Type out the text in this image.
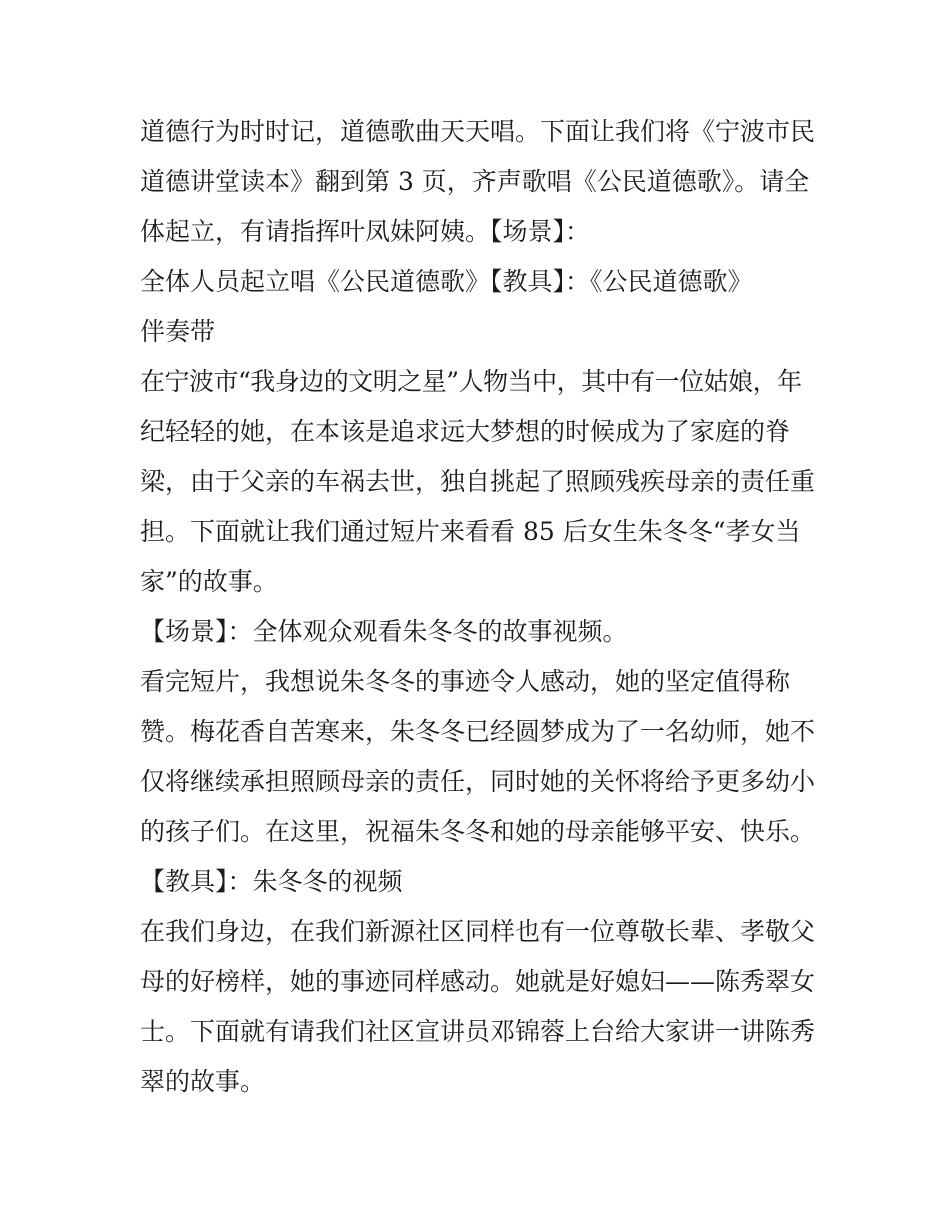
道德行为时时记，道德歌曲天天唱。下面让我们将《宁波市民
道德讲堂读本》翻到第 3 页，齐声歌唱《公民道德歌》。请全
体起立，有请指挥叶凤妹阿姨。【场景】：
全体人员起立唱《公民道德歌》【教具】：《公民道德歌》
伴奏带
在宁波市“我身边的文明之星”人物当中，其中有一位姑娘，年
纪轻轻的她，在本该是追求远大梦想的时候成为了家庭的脊
梁，由于父亲的车祸去世，独自挑起了照顾残疾母亲的责任重
担。下面就让我们通过短片来看看 85 后女生朱冬冬“孝女当
家”的故事。
【场景】：全体观众观看朱冬冬的故事视频。
看完短片，我想说朱冬冬的事迹令人感动，她的坚定值得称
赞。梅花香自苦寒来，朱冬冬已经圆梦成为了一名幼师，她不
仅将继续承担照顾母亲的责任，同时她的关怀将给予更多幼小
的孩子们。在这里，祝福朱冬冬和她的母亲能够平安、快乐。
【教具】：朱冬冬的视频
在我们身边，在我们新源社区同样也有一位尊敬长辈、孝敬父
母的好榜样，她的事迹同样感动。她就是好媳妇——陈秀翠女
士。下面就有请我们社区宣讲员邓锦蓉上台给大家讲一讲陈秀
翠的故事。
